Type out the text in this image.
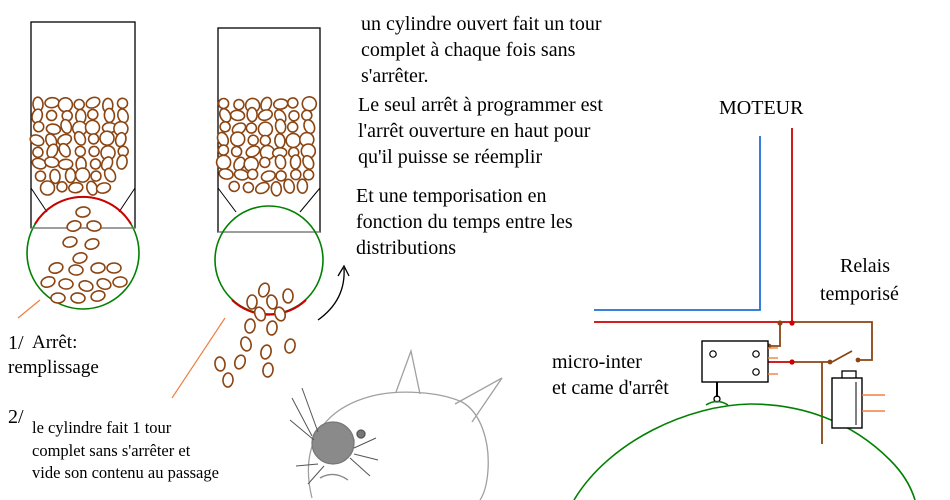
un cylindre ouvert fait un tour
complet à chaque fois sans
s'arrêter.
Le seul arrêt à programmer est
l'arrêt ouverture en haut pour
qu'il puisse se réemplir
Et une temporisation en
fonction du temps entre les
distributions
1/ Arrêt:
remplissage
2/ le cylindre fait 1 tour
complet sans s'arrêter et
vide son contenu au passage
MOTEUR
Relais
temporisé
micro-inter
et came d'arrêt
